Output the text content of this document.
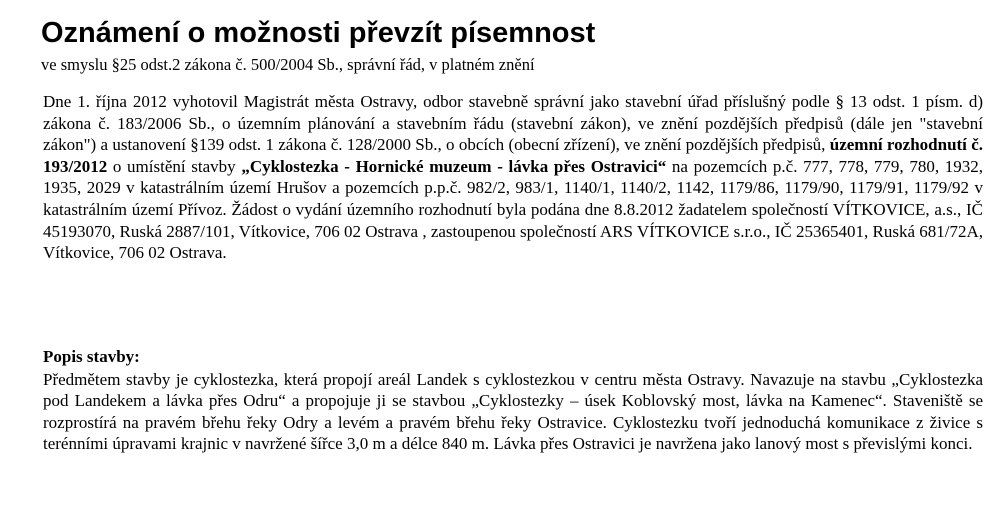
Oznámení o možnosti převzít písemnost
ve smyslu §25 odst.2 zákona č. 500/2004 Sb., správní řád, v platném znění

Dne 1. října 2012 vyhotovil Magistrát města Ostravy, odbor stavebně správní jako stavební úřad příslušný podle § 13 odst. 1 písm. d) zákona č. 183/2006 Sb., o územním plánování a stavebním řádu (stavební zákon), ve znění pozdějších předpisů (dále jen "stavební zákon") a ustanovení §139 odst. 1 zákona č. 128/2000 Sb., o obcích (obecní zřízení), ve znění pozdějších předpisů, územní rozhodnutí č. 193/2012 o umístění stavby „Cyklostezka - Hornické muzeum - lávka přes Ostravici“ na pozemcích p.č. 777, 778, 779, 780, 1932, 1935, 2029 v katastrálním území Hrušov a pozemcích p.p.č. 982/2, 983/1, 1140/1, 1140/2, 1142, 1179/86, 1179/90, 1179/91, 1179/92 v katastrálním území Přívoz. Žádost o vydání územního rozhodnutí byla podána dne 8.8.2012 žadatelem společností VÍTKOVICE, a.s., IČ 45193070, Ruská 2887/101, Vítkovice, 706 02 Ostrava , zastoupenou společností ARS VÍTKOVICE s.r.o., IČ 25365401, Ruská 681/72A, Vítkovice, 706 02 Ostrava.

Popis stavby:

Předmětem stavby je cyklostezka, která propojí areál Landek s cyklostezkou v centru města Ostravy. Navazuje na stavbu „Cyklostezka pod Landekem a lávka přes Odru“ a propojuje ji se stavbou „Cyklostezky – úsek Koblovský most, lávka na Kamenec“. Staveniště se rozprostírá na pravém břehu řeky Odry a levém a pravém břehu řeky Ostravice. Cyklostezku tvoří jednoduchá komunikace z živice s terénními úpravami krajnic v navržené šířce 3,0 m a délce 840 m. Lávka přes Ostravici je navržena jako lanový most s převislými konci.
